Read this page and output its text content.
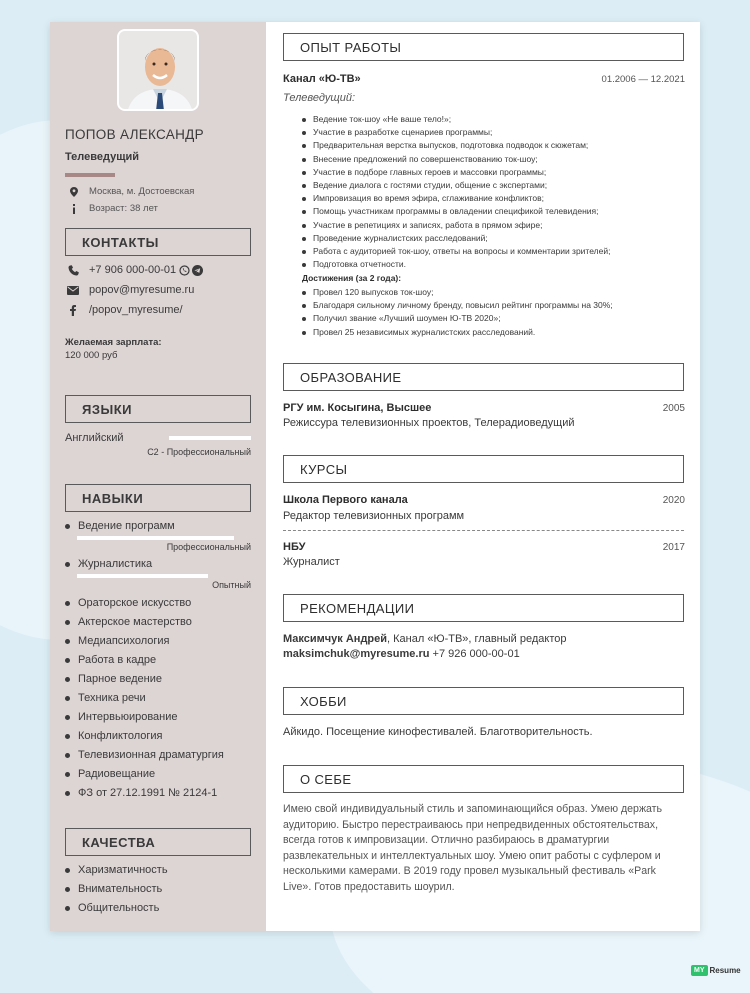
ПОПОВ АЛЕКСАНДР
Телеведущий
Москва, м. Достоевская
Возраст: 38 лет
КОНТАКТЫ
+7 906 000-00-01
popov@myresume.ru
/popov_myresume/
Желаемая зарплата:
120 000 руб
ЯЗЫКИ
Английский
C2 - Профессиональный
НАВЫКИ
Ведение программ
Профессиональный
Журналистика
Опытный
Ораторское искусство
Актерское мастерство
Медиапсихология
Работа в кадре
Парное ведение
Техника речи
Интервьюирование
Конфликтология
Телевизионная драматургия
Радиовещание
ФЗ от 27.12.1991 № 2124-1
КАЧЕСТВА
Харизматичность
Внимательность
Общительность
ОПЫТ РАБОТЫ
Канал «Ю-ТВ»	01.2006 — 12.2021
Телеведущий:
Ведение ток-шоу «Не ваше тело!»;
Участие в разработке сценариев программы;
Предварительная верстка выпусков, подготовка подводок к сюжетам;
Внесение предложений по совершенствованию ток-шоу;
Участие в подборе главных героев и массовки программы;
Ведение диалога с гостями студии, общение с экспертами;
Импровизация во время эфира, сглаживание конфликтов;
Помощь участникам программы в овладении спецификой телевидения;
Участие в репетициях и записях, работа в прямом эфире;
Проведение журналистских расследований;
Работа с аудиторией ток-шоу, ответы на вопросы и комментарии зрителей;
Подготовка отчетности.
Достижения (за 2 года):
Провел 120 выпусков ток-шоу;
Благодаря сильному личному бренду, повысил рейтинг программы на 30%;
Получил звание «Лучший шоумен Ю-ТВ 2020»;
Провел 25 независимых журналистских расследований.
ОБРАЗОВАНИЕ
РГУ им. Косыгина, Высшее	2005
Режиссура телевизионных проектов, Телерадиоведущий
КУРСЫ
Школа Первого канала	2020
Редактор телевизионных программ
НБУ	2017
Журналист
РЕКОМЕНДАЦИИ
Максимчук Андрей, Канал «Ю-ТВ», главный редактор
maksimchuk@myresume.ru +7 926 000-00-01
ХОББИ
Айкидо. Посещение кинофестивалей. Благотворительность.
О СЕБЕ
Имею свой индивидуальный стиль и запоминающийся образ. Умею держать аудиторию. Быстро перестраиваюсь при непредвиденных обстоятельствах, всегда готов к импровизации. Отлично разбираюсь в драматургии развлекательных и интеллектуальных шоу. Умею опит работы с суфлером и несколькими камерами. В 2019 году провел музыкальный фестиваль «Park Live». Готов предоставить шоурил.
MY Resume
